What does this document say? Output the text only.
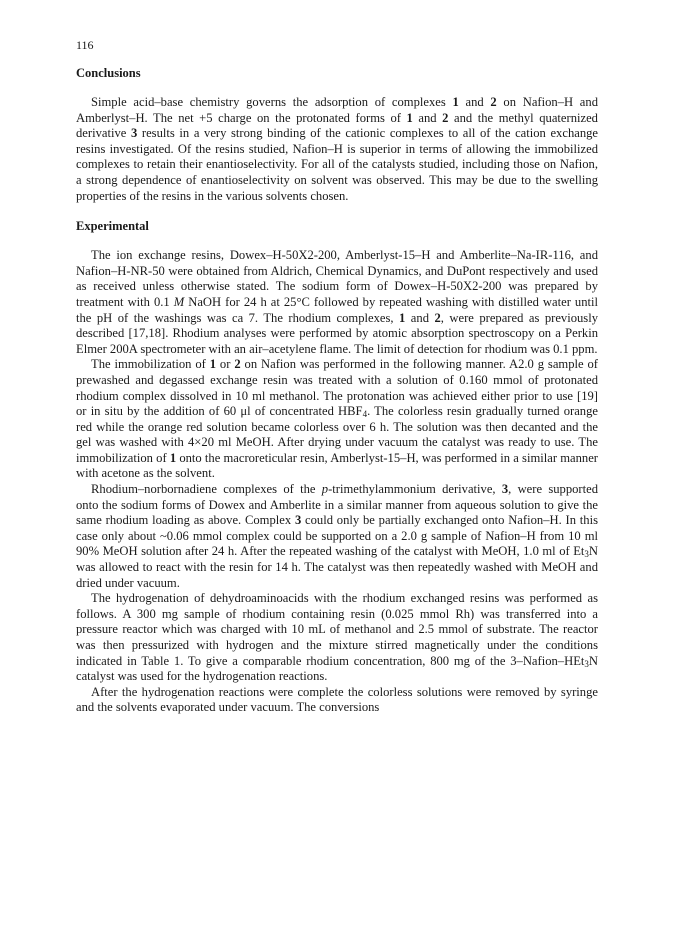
116
Conclusions

Simple acid–base chemistry governs the adsorption of complexes 1 and 2 on Nafion–H and Amberlyst–H. The net +5 charge on the protonated forms of 1 and 2 and the methyl quaternized derivative 3 results in a very strong binding of the cationic complexes to all of the cation exchange resins investigated. Of the resins studied, Nafion–H is superior in terms of allowing the immobilized complexes to retain their enantioselectivity. For all of the catalysts studied, including those on Nafion, a strong dependence of enantioselectivity on solvent was observed. This may be due to the swelling properties of the resins in the various solvents chosen.

Experimental

The ion exchange resins, Dowex–H-50X2-200, Amberlyst-15–H and Amberlite–Na-IR-116, and Nafion–H-NR-50 were obtained from Aldrich, Chemical Dynamics, and DuPont respectively and used as received unless otherwise stated. The sodium form of Dowex–H-50X2-200 was prepared by treatment with 0.1 M NaOH for 24 h at 25°C followed by repeated washing with distilled water until the pH of the washings was ca 7. The rhodium complexes, 1 and 2, were prepared as previously described [17,18]. Rhodium analyses were performed by atomic absorption spectroscopy on a Perkin Elmer 200A spectrometer with an air–acetylene flame. The limit of detection for rhodium was 0.1 ppm.

The immobilization of 1 or 2 on Nafion was performed in the following manner. A2.0 g sample of prewashed and degassed exchange resin was treated with a solution of 0.160 mmol of protonated rhodium complex dissolved in 10 ml methanol. The protonation was achieved either prior to use [19] or in situ by the addition of 60 μl of concentrated $HBF_4$. The colorless resin gradually turned orange red while the orange red solution became colorless over 6 h. The solution was then decanted and the gel was washed with 4×20 ml MeOH. After drying under vacuum the catalyst was ready to use. The immobilization of 1 onto the macroreticular resin, Amberlyst-15–H, was performed in a similar manner with acetone as the solvent.

Rhodium–norbornadiene complexes of the p-trimethylammonium derivative, 3, were supported onto the sodium forms of Dowex and Amberlite in a similar manner from aqueous solution to give the same rhodium loading as above. Complex 3 could only be partially exchanged onto Nafion–H. In this case only about ~0.06 mmol complex could be supported on a 2.0 g sample of Nafion–H from 10 ml 90% MeOH solution after 24 h. After the repeated washing of the catalyst with MeOH, 1.0 ml of $Et_3N$ was allowed to react with the resin for 14 h. The catalyst was then repeatedly washed with MeOH and dried under vacuum.

The hydrogenation of dehydroaminoacids with the rhodium exchanged resins was performed as follows. A 300 mg sample of rhodium containing resin (0.025 mmol Rh) was transferred into a pressure reactor which was charged with 10 mL of methanol and 2.5 mmol of substrate. The reactor was then pressurized with hydrogen and the mixture stirred magnetically under the conditions indicated in Table 1. To give a comparable rhodium concentration, 800 mg of the 3–Nafion–HEt$_3$N catalyst was used for the hydrogenation reactions.

After the hydrogenation reactions were complete the colorless solutions were removed by syringe and the solvents evaporated under vacuum. The conversions
